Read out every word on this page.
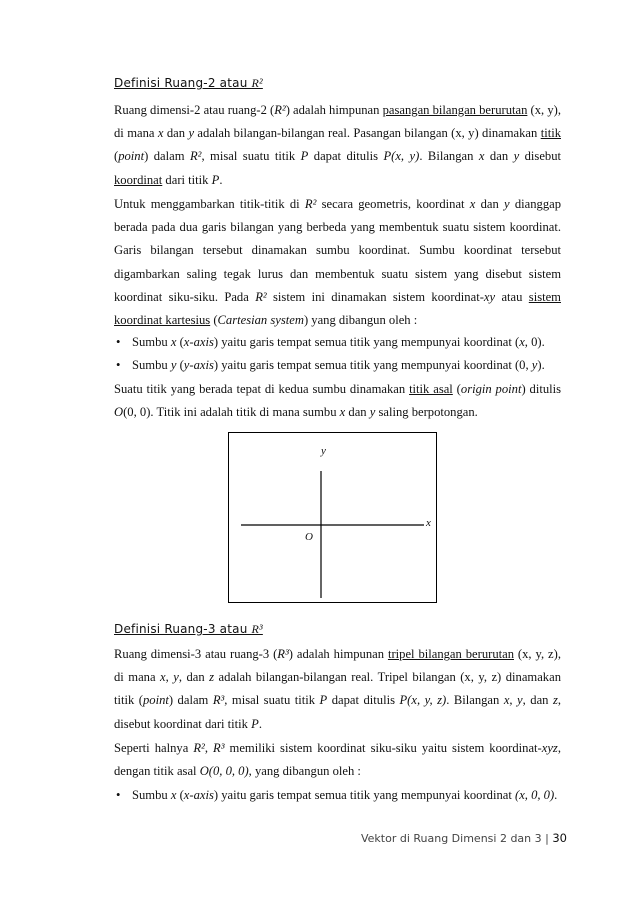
Definisi Ruang-2 atau R²

Ruang dimensi-2 atau ruang-2 (R²) adalah himpunan pasangan bilangan berurutan (x, y), di mana x dan y adalah bilangan-bilangan real. Pasangan bilangan (x, y) dinamakan titik (point) dalam R², misal suatu titik P dapat ditulis P(x, y). Bilangan x dan y disebut koordinat dari titik P.

Untuk menggambarkan titik-titik di R² secara geometris, koordinat x dan y dianggap berada pada dua garis bilangan yang berbeda yang membentuk suatu sistem koordinat. Garis bilangan tersebut dinamakan sumbu koordinat. Sumbu koordinat tersebut digambarkan saling tegak lurus dan membentuk suatu sistem yang disebut sistem koordinat siku-siku. Pada R² sistem ini dinamakan sistem koordinat-xy atau sistem koordinat kartesius (Cartesian system) yang dibangun oleh :

• Sumbu x (x-axis) yaitu garis tempat semua titik yang mempunyai koordinat (x, 0).
• Sumbu y (y-axis) yaitu garis tempat semua titik yang mempunyai koordinat (0, y).

Suatu titik yang berada tepat di kedua sumbu dinamakan titik asal (origin point) ditulis O(0, 0). Titik ini adalah titik di mana sumbu x dan y saling berpotongan.

y
x
O
Definisi Ruang-3 atau R³

Ruang dimensi-3 atau ruang-3 (R³) adalah himpunan tripel bilangan berurutan (x, y, z), di mana x, y, dan z adalah bilangan-bilangan real. Tripel bilangan (x, y, z) dinamakan titik (point) dalam R³, misal suatu titik P dapat ditulis P(x, y, z). Bilangan x, y, dan z, disebut koordinat dari titik P.

Seperti halnya R², R³ memiliki sistem koordinat siku-siku yaitu sistem koordinat-xyz, dengan titik asal O(0, 0, 0), yang dibangun oleh :

• Sumbu x (x-axis) yaitu garis tempat semua titik yang mempunyai koordinat (x, 0, 0).
Vektor di Ruang Dimensi 2 dan 3 | 30
